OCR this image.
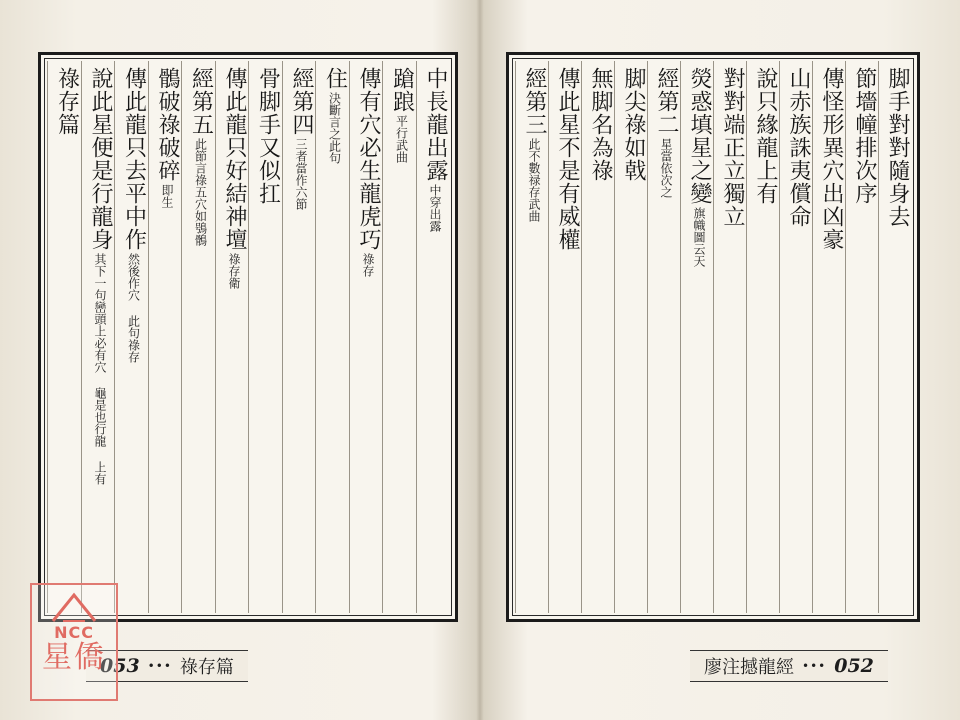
祿存篇 說此星便是行龍身其下一句巒頭上必有穴 龜是也行龍 上有
傳此龍只去平中作然後作穴 此句祿存
鶻破祿破碎即生
經第五此節言祿五穴如鴞鶻 傳此龍只好結神壇祿存衛
骨脚手又似扛 經第四三者當作六節
住決斷言之此句 傳有穴必生龍虎巧祿存
蹌踉平行武曲 中長龍出露中穿出露
053 ••• 祿存篇
經第三此不數禄存武曲 傳此星不是有威權 無脚名為祿 脚尖祿如戟 經第二星當依次之 熒惑填星之變旗幟圖云天
對對端正立獨立 說只緣龍上有 山赤族誅夷償命 傳怪形異穴出凶豪 節墻幢排次序 脚手對對隨身去
廖注撼龍經 ••• 052
NCC
星僑
